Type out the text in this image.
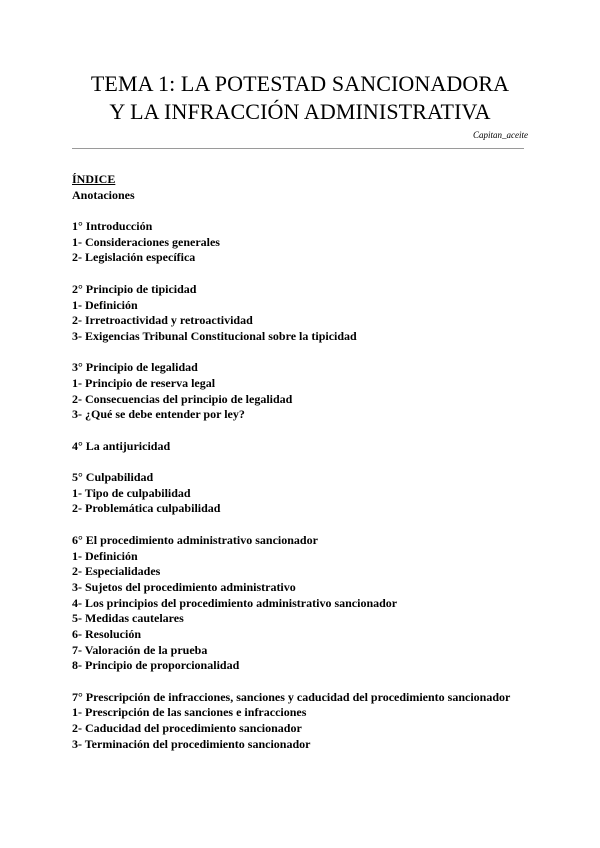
TEMA 1: LA POTESTAD SANCIONADORA
Y LA INFRACCIÓN ADMINISTRATIVA
Capitan_aceite
ÍNDICE
Anotaciones
1° Introducción
1- Consideraciones generales
2- Legislación específica
2° Principio de tipicidad
1- Definición
2- Irretroactividad y retroactividad
3- Exigencias Tribunal Constitucional sobre la tipicidad
3° Principio de legalidad
1- Principio de reserva legal
2- Consecuencias del principio de legalidad
3- ¿Qué se debe entender por ley?
4° La antijuricidad
5° Culpabilidad
1- Tipo de culpabilidad
2- Problemática culpabilidad
6° El procedimiento administrativo sancionador
1- Definición
2- Especialidades
3- Sujetos del procedimiento administrativo
4- Los principios del procedimiento administrativo sancionador
5- Medidas cautelares
6- Resolución
7- Valoración de la prueba
8- Principio de proporcionalidad
7° Prescripción de infracciones, sanciones y caducidad del procedimiento sancionador
1- Prescripción de las sanciones e infracciones
2- Caducidad del procedimiento sancionador
3- Terminación del procedimiento sancionador
